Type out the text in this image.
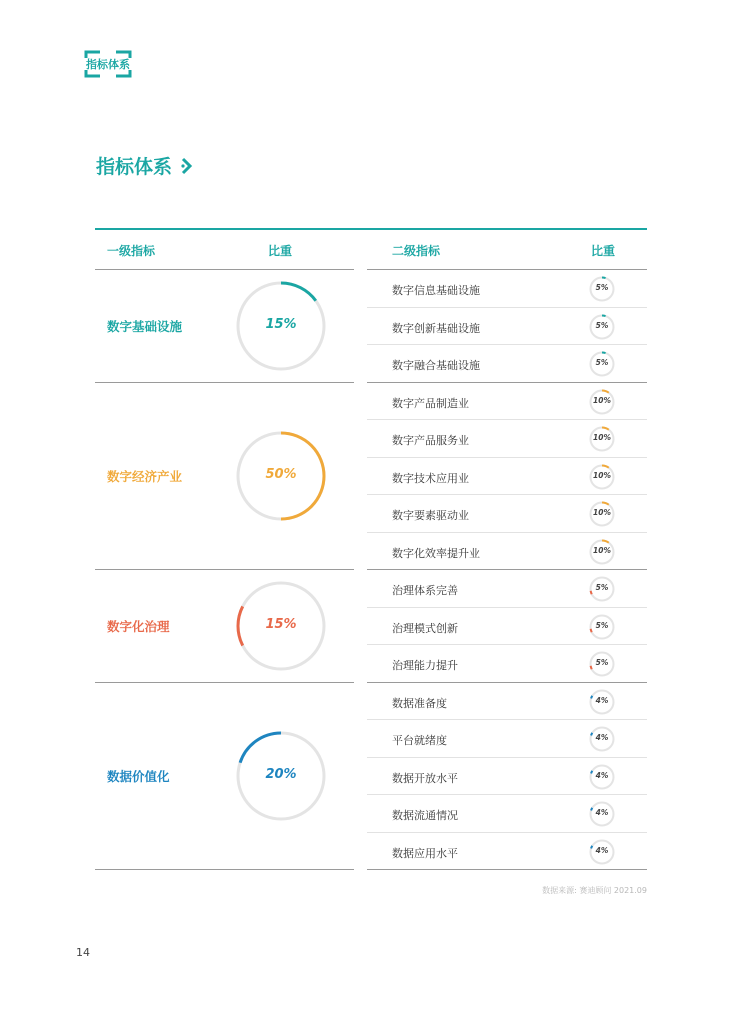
指标体系
指标体系
一级指标	比重	二级指标	比重
数字基础设施	15%
数字信息基础设施	5%
数字创新基础设施	5%
数字融合基础设施	5%
数字经济产业	50%
数字产品制造业	10%
数字产品服务业	10%
数字技术应用业	10%
数字要素驱动业	10%
数字化效率提升业	10%
数字化治理	15%
治理体系完善	5%
治理模式创新	5%
治理能力提升	5%
数据价值化	20%
数据准备度	4%
平台就绪度	4%
数据开放水平	4%
数据流通情况	4%
数据应用水平	4%
数据来源: 赛迪顾问 2021.09
14
